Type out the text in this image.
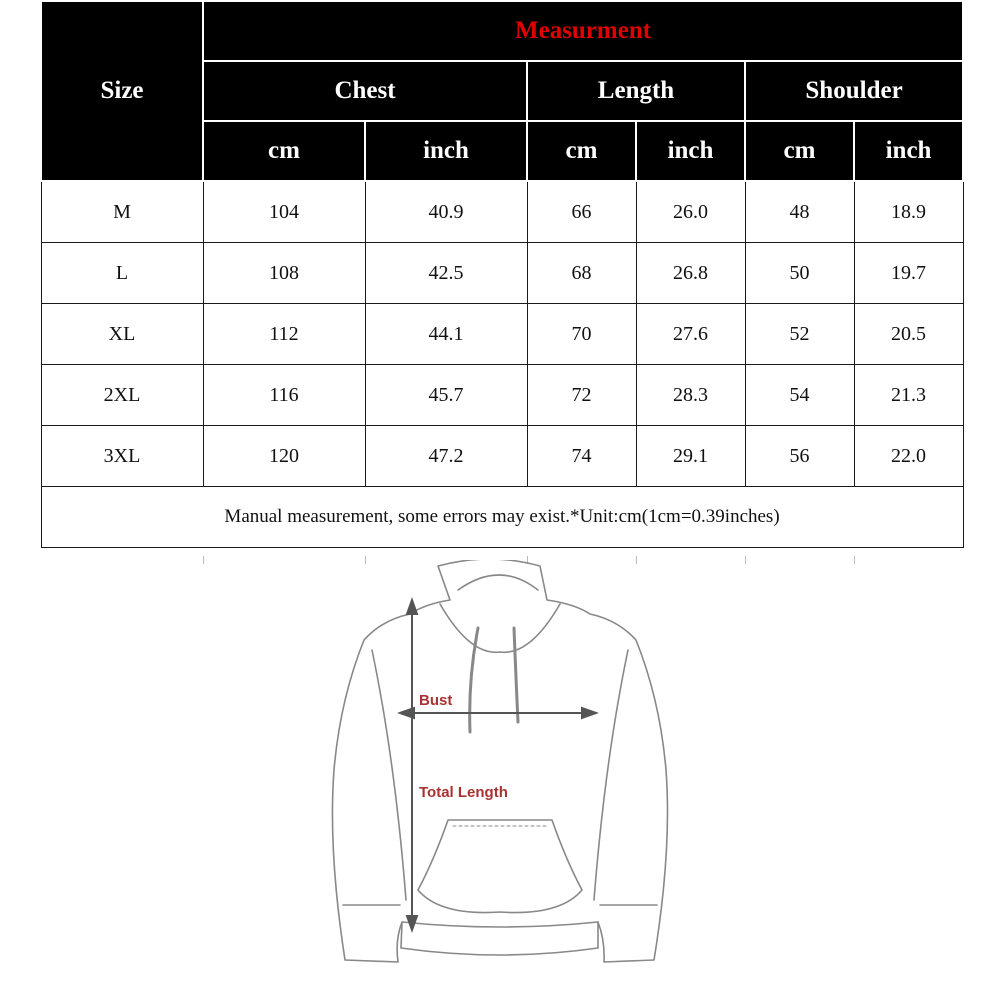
Size	Measurment					
	Chest		Length		Shoulder	
	cm	inch	cm	inch	cm	inch
M	104	40.9	66	26.0	48	18.9
L	108	42.5	68	26.8	50	19.7
XL	112	44.1	70	27.6	52	20.5
2XL	116	45.7	72	28.3	54	21.3
3XL	120	47.2	74	29.1	56	22.0
Manual measurement, some errors may exist.*Unit:cm(1cm=0.39inches)						
Bust
Total Length
